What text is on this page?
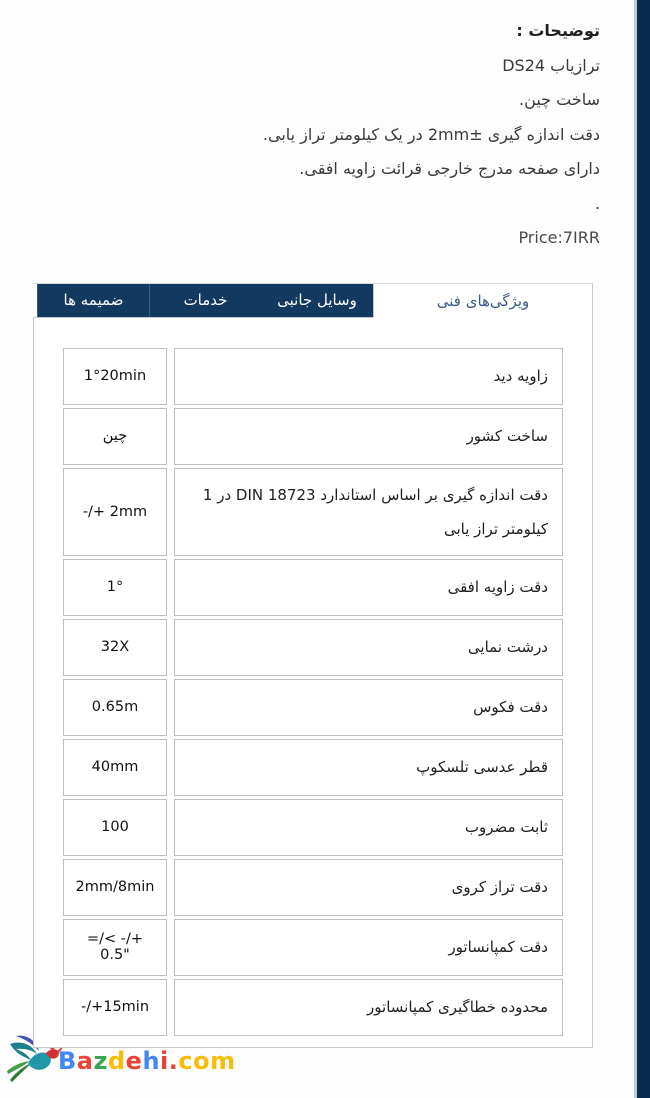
توضیحات :
ترازیاب DS24
ساخت چین.
دقت اندازه گیری ±2mm در یک کیلومتر تراز یابی.
دارای صفحه مدرج خارجی قرائت زاویه افقی.
.
Price:7IRR
ویژگی‌های فنی
وسایل جانبی
خدمات
ضمیمه ها
زاویه دید
1°20min
ساخت کشور
چین
دقت اندازه گیری بر اساس استاندارد DIN 18723 در 1 کیلومتر تراز یابی
-/+ 2mm
دقت زاویه افقی
1°
درشت نمایی
32X
دقت فکوس
0.65m
قطر عدسی تلسکوپ
40mm
ثابت مضروب
100
دقت تراز کروی
2mm/8min
دقت کمپانساتور
=/< -/+ 0.5"
محدوده خطاگیری کمپانساتور
-/+15min
Bazdehi.com
